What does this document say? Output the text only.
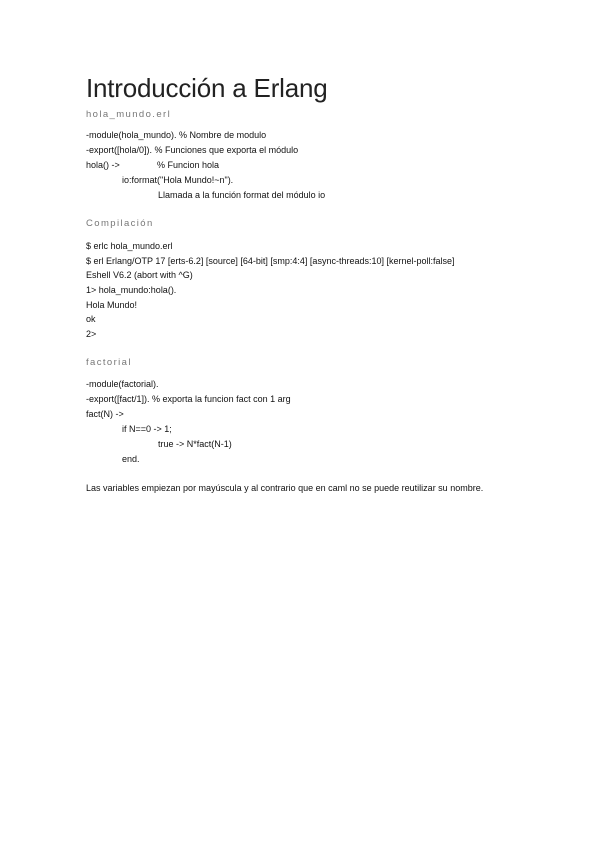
Introducción a Erlang
hola_mundo.erl
-module(hola_mundo). % Nombre de modulo
-export([hola/0]). % Funciones que exporta el módulo
hola() ->	% Funcion hola
io:format("Hola Mundo!~n").
Llamada a la función format del módulo io
Compilación
$ erlc hola_mundo.erl
$ erl Erlang/OTP 17 [erts-6.2] [source] [64-bit] [smp:4:4] [async-threads:10] [kernel-poll:false]
Eshell V6.2 (abort with ^G)
1> hola_mundo:hola().
Hola Mundo!
ok
2>
factorial
-module(factorial).
-export([fact/1]). % exporta la funcion fact con 1 arg
fact(N) ->
if N==0 -> 1;
true -> N*fact(N-1)
end.
Las variables empiezan por mayúscula y al contrario que en caml no se puede reutilizar su nombre.
